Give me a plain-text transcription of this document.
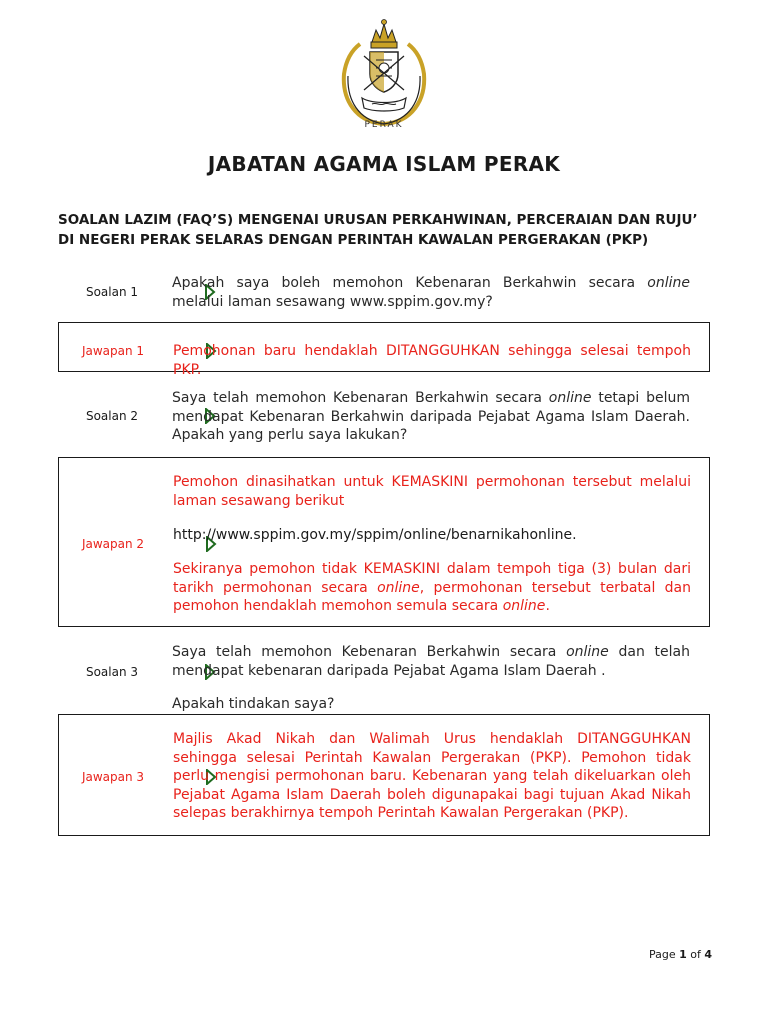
PERAK
JABATAN AGAMA ISLAM PERAK
SOALAN LAZIM (FAQ’S) MENGENAI URUSAN PERKAHWINAN, PERCERAIAN DAN RUJU’ DI NEGERI PERAK SELARAS DENGAN PERINTAH KAWALAN PERGERAKAN (PKP)
Soalan 1

Apakah saya boleh memohon Kebenaran Berkahwin secara online melalui laman sesawang www.sppim.gov.my?

Jawapan 1	Pemohonan baru hendaklah DITANGGUHKAN sehingga selesai tempoh PKP.
Soalan 2

Saya telah memohon Kebenaran Berkahwin secara online tetapi belum mendapat Kebenaran Berkahwin daripada Pejabat Agama Islam Daerah. Apakah yang perlu saya lakukan?

Jawapan 2
Pemohon dinasihatkan untuk KEMASKINI permohonan tersebut melalui laman sesawang berikut
http://www.sppim.gov.my/sppim/online/benarnikahonline.

Sekiranya pemohon tidak KEMASKINI dalam tempoh tiga (3) bulan dari tarikh permohonan secara online, permohonan tersebut terbatal dan pemohon hendaklah memohon semula secara online.

Soalan 3

Saya telah memohon Kebenaran Berkahwin secara online dan telah mendapat kebenaran daripada Pejabat Agama Islam Daerah .

Apakah tindakan saya?
Jawapan 3
Majlis Akad Nikah dan Walimah Urus hendaklah DITANGGUHKAN sehingga selesai Perintah Kawalan Pergerakan (PKP). Pemohon tidak perlu mengisi permohonan baru. Kebenaran yang telah dikeluarkan oleh Pejabat Agama Islam Daerah boleh digunapakai bagi tujuan Akad Nikah selepas berakhirnya tempoh Perintah Kawalan Pergerakan (PKP).
Page 1 of 4
